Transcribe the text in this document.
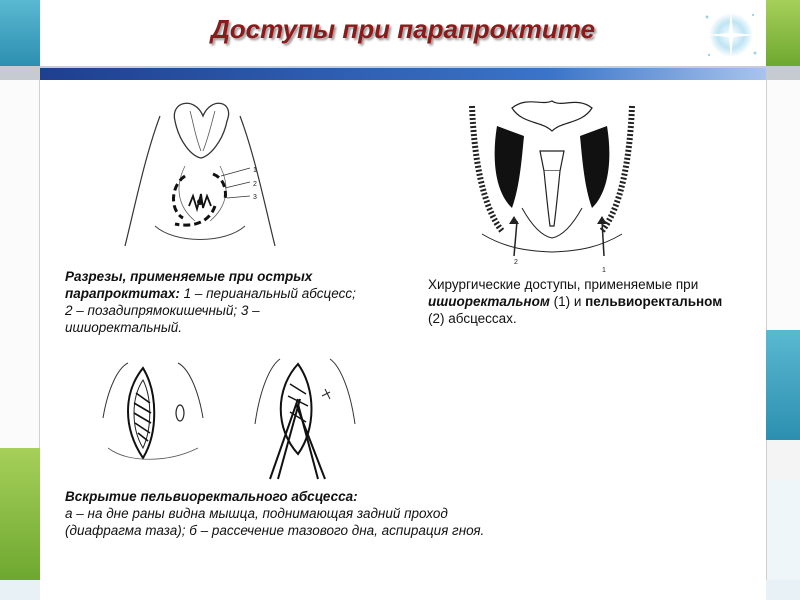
Доступы при парапроктите
1
2
3
Разрезы, применяемые при острых парапроктитах: 1 – перианальный абсцесс; 2 – позадипрямокишечный; 3 – ишиоректальный.
2
1
Хирургические доступы, применяемые при ишиоректальном (1) и пельвиоректальном (2) абсцессах.
Вскрытие пельвиоректального абсцесса:
а – на дне раны видна мышца, поднимающая задний проход (диафрагма таза); б – рассечение тазового дна, аспирация гноя.
